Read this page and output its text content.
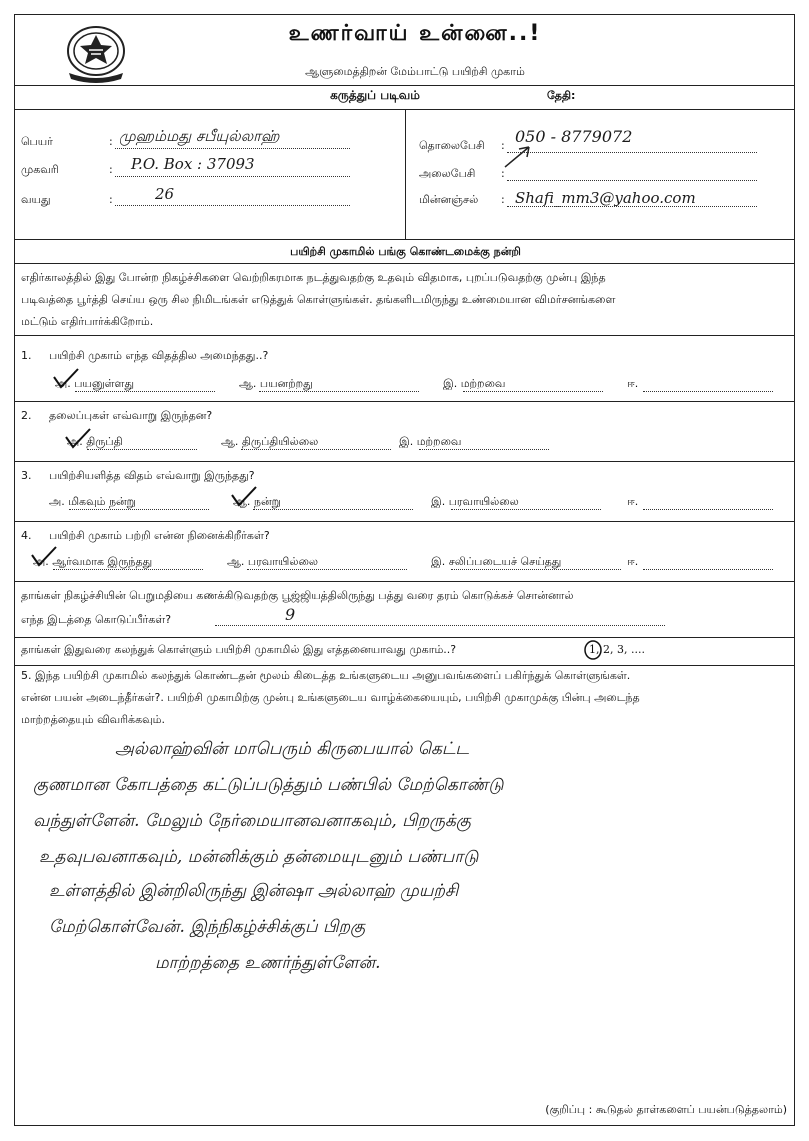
உணர்வாய் உன்னை..!
ஆளுமைத்திறன் மேம்பாட்டு பயிற்சி முகாம்
கருத்துப் படிவம்	தேதி:
பெயர்	: முஹம்மது சபீயுல்லாஹ்
முகவரி	: P.O. Box : 37093
வயது	:	26
தொலைபேசி : 050 - 8779072
அலைபேசி :
மின்னஞ்சல் : Shafi_mm3@yahoo.com
பயிற்சி முகாமில் பங்கு கொண்டமைக்கு நன்றி
எதிர்காலத்தில் இது போன்ற நிகழ்ச்சிகளை வெற்றிகரமாக நடத்துவதற்கு உதவும் விதமாக, புறப்படுவதற்கு முன்பு இந்த
படிவத்தை பூர்த்தி செய்ய ஒரு சில நிமிடங்கள் எடுத்துக் கொள்ளுங்கள். தங்களிடமிருந்து உண்மையான விமர்சனங்களை
மட்டும் எதிர்பார்க்கிறோம்.
1. பயிற்சி முகாம் எந்த விதத்தில அமைந்தது..?
அ. பயனுள்ளது	ஆ. பயனற்றது	இ. மற்றவை	ஈ.
2. தலைப்புகள் எவ்வாறு இருந்தன?
அ. திருப்தி	ஆ. திருப்தியில்லை	இ. மற்றவை
3. பயிற்சியளித்த விதம் எவ்வாறு இருந்தது?
அ. மிகவும் நன்று	ஆ. நன்று	இ. பரவாயில்லை	ஈ.
4. பயிற்சி முகாம் பற்றி என்ன நினைக்கிறீர்கள்?
அ. ஆர்வமாக இருந்தது	ஆ. பரவாயில்லை	இ. சலிப்படையச் செய்தது	ஈ.
தாங்கள் நிகழ்ச்சியின் பெறுமதியை கணக்கிடுவதற்கு பூஜ்ஜியத்திலிருந்து பத்து வரை தரம் கொடுக்கச் சொன்னால்
எந்த இடத்தை கொடுப்பீர்கள்?	9
தாங்கள் இதுவரை கலந்துக் கொள்ளும் பயிற்சி முகாமில் இது எத்தனையாவது முகாம்..?	1, 2, 3, ....
5. இந்த பயிற்சி முகாமில் கலந்துக் கொண்டதன் மூலம் கிடைத்த உங்களுடைய அனுபவங்களைப் பகிர்ந்துக் கொள்ளுங்கள்.
என்ன பயன் அடைந்தீர்கள்?. பயிற்சி முகாமிற்கு முன்பு உங்களுடைய வாழ்க்கையையும், பயிற்சி முகாமுக்கு பின்பு அடைந்த
மாற்றத்தையும் விவரிக்கவும்.
அல்லாஹ்வின் மாபெரும் கிருபையால் கெட்ட
குணமான கோபத்தை கட்டுப்படுத்தும் பண்பில் மேற்கொண்டு
வந்துள்ளேன். மேலும் நேர்மையானவனாகவும், பிறருக்கு
உதவுபவனாகவும், மன்னிக்கும் தன்மையுடனும் பண்பாடு
உள்ளத்தில் இன்றிலிருந்து இன்ஷா அல்லாஹ் முயற்சி
மேற்கொள்வேன். இந்நிகழ்ச்சிக்குப் பிறகு
மாற்றத்தை உணர்ந்துள்ளேன்.
(குறிப்பு : கூடுதல் தாள்களைப் பயன்படுத்தலாம்)
